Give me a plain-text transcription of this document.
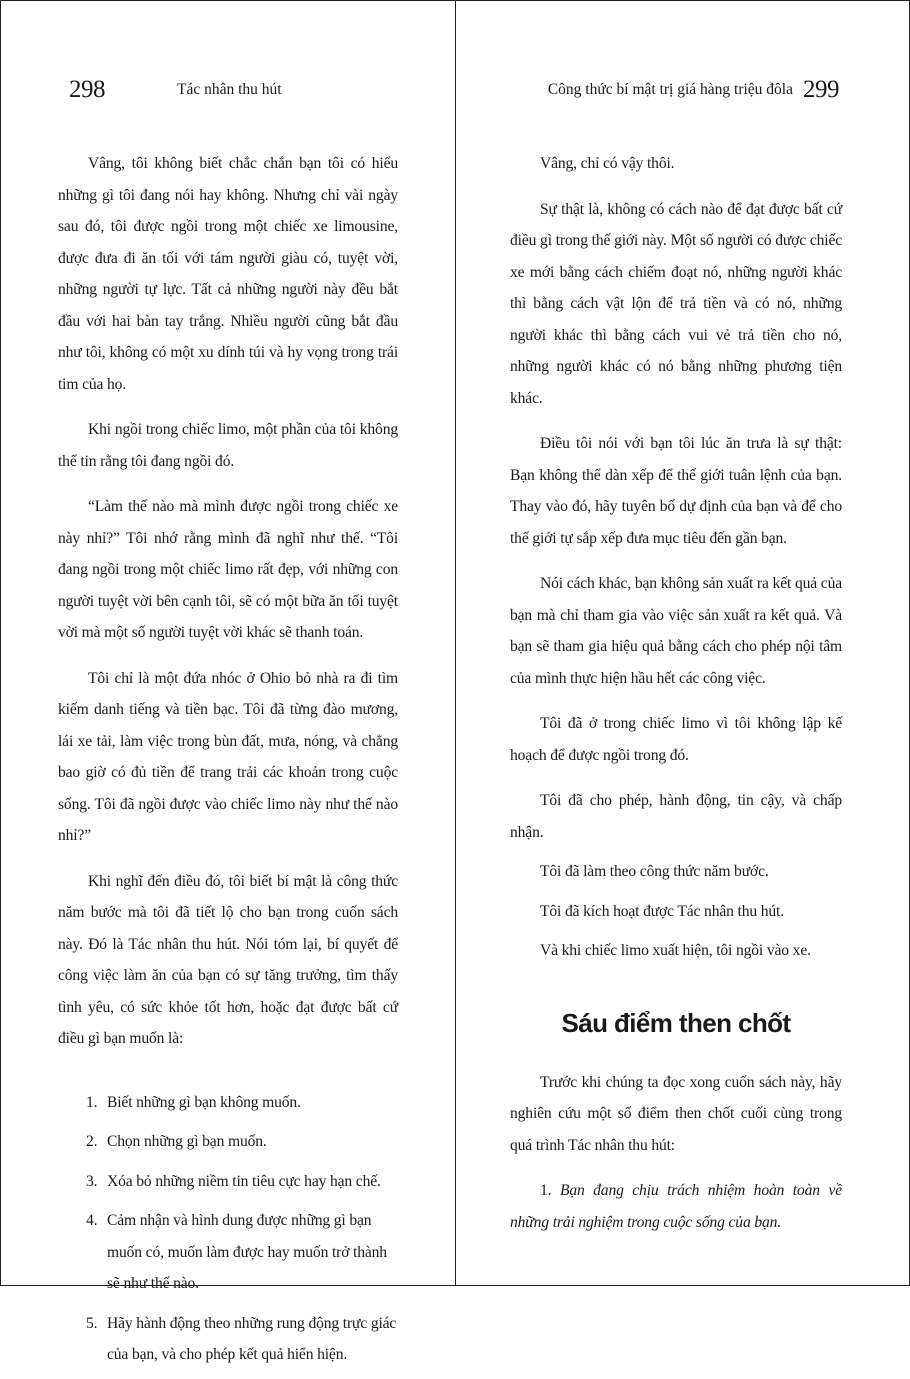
298	Tác nhân thu hút

Vâng, tôi không biết chắc chắn bạn tôi có hiểu những gì tôi đang nói hay không. Nhưng chỉ vài ngày sau đó, tôi được ngồi trong một chiếc xe limousine, được đưa đi ăn tối với tám người giàu có, tuyệt vời, những người tự lực. Tất cả những người này đều bắt đầu với hai bàn tay trắng. Nhiều người cũng bắt đầu như tôi, không có một xu dính túi và hy vọng trong trái tim của họ.

Khi ngồi trong chiếc limo, một phần của tôi không thể tin rằng tôi đang ngồi đó.

“Làm thế nào mà mình được ngồi trong chiếc xe này nhỉ?” Tôi nhớ rằng mình đã nghĩ như thế. “Tôi đang ngồi trong một chiếc limo rất đẹp, với những con người tuyệt vời bên cạnh tôi, sẽ có một bữa ăn tối tuyệt vời mà một số người tuyệt vời khác sẽ thanh toán.

Tôi chỉ là một đứa nhóc ở Ohio bỏ nhà ra đi tìm kiếm danh tiếng và tiền bạc. Tôi đã từng đào mương, lái xe tải, làm việc trong bùn đất, mưa, nóng, và chẳng bao giờ có đủ tiền để trang trải các khoản trong cuộc sống. Tôi đã ngồi được vào chiếc limo này như thế nào nhỉ?”

Khi nghĩ đến điều đó, tôi biết bí mật là công thức năm bước mà tôi đã tiết lộ cho bạn trong cuốn sách này. Đó là Tác nhân thu hút. Nói tóm lại, bí quyết để công việc làm ăn của bạn có sự tăng trưởng, tìm thấy tình yêu, có sức khỏe tốt hơn, hoặc đạt được bất cứ điều gì bạn muốn là:

1. Biết những gì bạn không muốn.
2. Chọn những gì bạn muốn.
3. Xóa bỏ những niềm tin tiêu cực hay hạn chế.
4. Cảm nhận và hình dung được những gì bạn muốn có, muốn làm được hay muốn trở thành sẽ như thế nào.
5. Hãy hành động theo những rung động trực giác của bạn, và cho phép kết quả hiển hiện.
Công thức bí mật trị giá hàng triệu đôla 299

Vâng, chỉ có vậy thôi.

Sự thật là, không có cách nào để đạt được bất cứ điều gì trong thế giới này. Một số người có được chiếc xe mới bằng cách chiếm đoạt nó, những người khác thì bằng cách vật lộn để trả tiền và có nó, những người khác thì bằng cách vui vẻ trả tiền cho nó, những người khác có nó bằng những phương tiện khác.

Điều tôi nói với bạn tôi lúc ăn trưa là sự thật: Bạn không thể dàn xếp để thế giới tuân lệnh của bạn. Thay vào đó, hãy tuyên bố dự định của bạn và để cho thế giới tự sắp xếp đưa mục tiêu đến gần bạn.

Nói cách khác, bạn không sản xuất ra kết quả của bạn mà chỉ tham gia vào việc sản xuất ra kết quả. Và bạn sẽ tham gia hiệu quả bằng cách cho phép nội tâm của mình thực hiện hầu hết các công việc.

Tôi đã ở trong chiếc limo vì tôi không lập kế hoạch để được ngồi trong đó.

Tôi đã cho phép, hành động, tin cậy, và chấp nhận.

Tôi đã làm theo công thức năm bước.

Tôi đã kích hoạt được Tác nhân thu hút.

Và khi chiếc limo xuất hiện, tôi ngồi vào xe.

Sáu điểm then chốt

Trước khi chúng ta đọc xong cuốn sách này, hãy nghiên cứu một số điểm then chốt cuối cùng trong quá trình Tác nhân thu hút:

1. Bạn đang chịu trách nhiệm hoàn toàn về những trải nghiệm trong cuộc sống của bạn.
